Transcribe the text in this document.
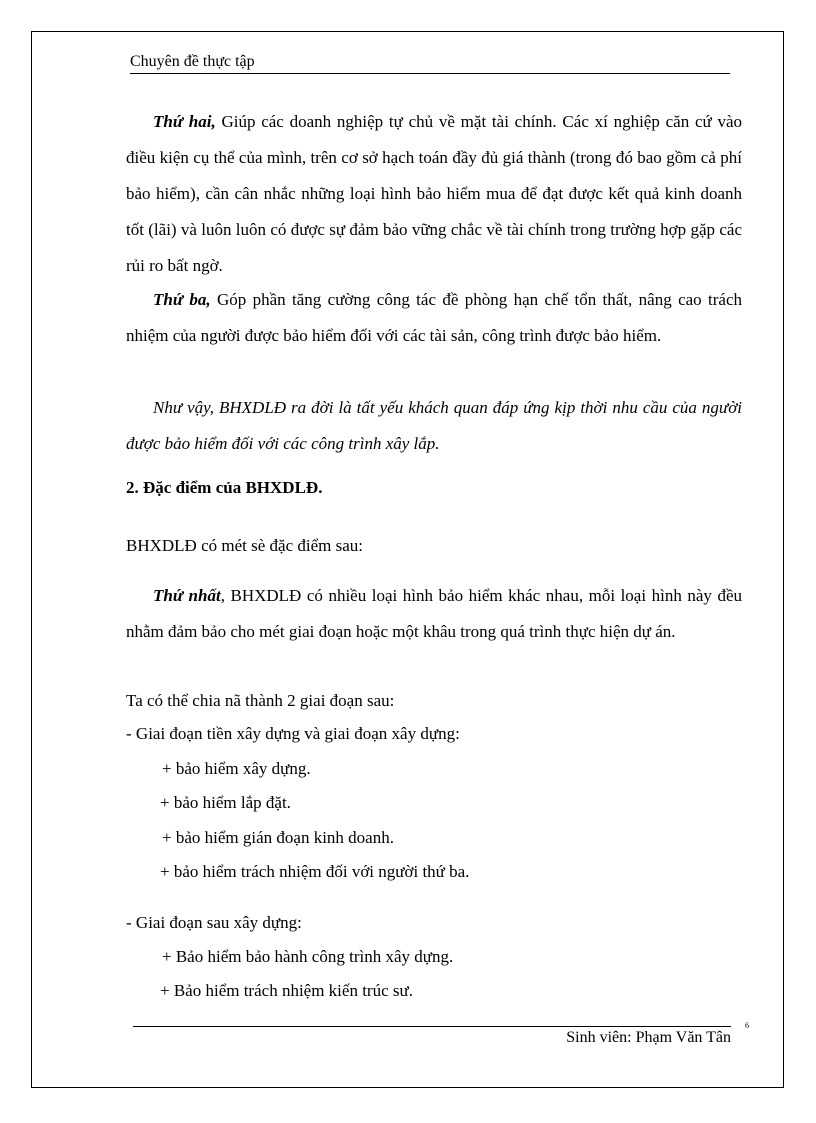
Chuyên đề thực tập

Thứ hai, Giúp các doanh nghiệp tự chủ về mặt tài chính. Các xí nghiệp căn cứ vào điều kiện cụ thể của mình, trên cơ sở hạch toán đầy đủ giá thành (trong đó bao gồm cả phí bảo hiểm), cần cân nhắc những loại hình bảo hiểm mua để đạt được kết quả kinh doanh tốt (lãi) và luôn luôn có được sự đảm bảo vững chắc về tài chính trong trường hợp gặp các rủi ro bất ngờ.

Thứ ba, Góp phần tăng cường công tác đề phòng hạn chế tổn thất, nâng cao trách nhiệm của người được bảo hiểm đối với các tài sản, công trình được bảo hiểm.

Như vậy, BHXDLĐ ra đời là tất yếu khách quan đáp ứng kịp thời nhu cầu của người được bảo hiểm đối với các công trình xây lắp.

2. Đặc điểm của BHXDLĐ.

BHXDLĐ có mét sè đặc điểm sau:

Thứ nhất, BHXDLĐ có nhiều loại hình bảo hiểm khác nhau, mỗi loại hình này đều nhằm đảm bảo cho mét giai đoạn hoặc một khâu trong quá trình thực hiện dự án.

Ta có thể chia nã thành 2 giai đoạn sau:

- Giai đoạn tiền xây dựng và giai đoạn xây dựng:

+ bảo hiểm xây dựng.

+ bảo hiểm lắp đặt.

+ bảo hiểm gián đoạn kinh doanh.

+ bảo hiểm trách nhiệm đối với người thứ ba.

- Giai đoạn sau xây dựng:

+ Bảo hiểm bảo hành công trình xây dựng.

+ Bảo hiểm trách nhiệm kiến trúc sư.

Sinh viên: Phạm Văn Tân
6
